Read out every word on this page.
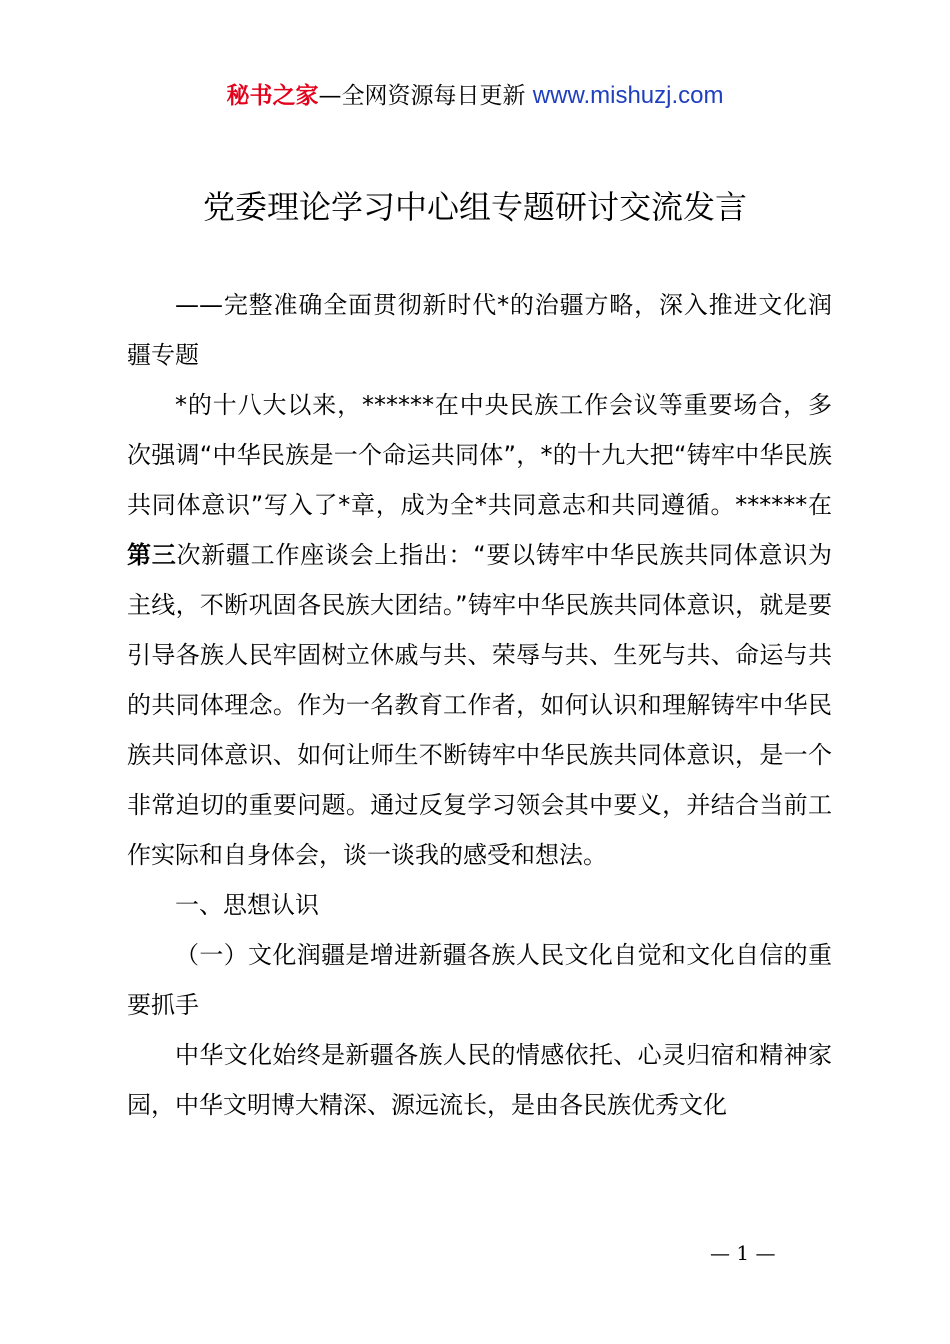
秘书之家—全网资源每日更新 www.mishuzj.com
党委理论学习中心组专题研讨交流发言

——完整准确全面贯彻新时代*的治疆方略，深入推进文化润疆专题

*的十八大以来，******在中央民族工作会议等重要场合，多次强调“中华民族是一个命运共同体”，*的十九大把“铸牢中华民族共同体意识”写入了*章，成为全*共同意志和共同遵循。******在第三次新疆工作座谈会上指出：“要以铸牢中华民族共同体意识为主线，不断巩固各民族大团结。”铸牢中华民族共同体意识，就是要引导各族人民牢固树立休戚与共、荣辱与共、生死与共、命运与共的共同体理念。作为一名教育工作者，如何认识和理解铸牢中华民族共同体意识、如何让师生不断铸牢中华民族共同体意识，是一个非常迫切的重要问题。通过反复学习领会其中要义，并结合当前工作实际和自身体会，谈一谈我的感受和想法。

一、思想认识

（一）文化润疆是增进新疆各族人民文化自觉和文化自信的重要抓手

中华文化始终是新疆各族人民的情感依托、心灵归宿和精神家园，中华文明博大精深、源远流长，是由各民族优秀文化

— 1 —
